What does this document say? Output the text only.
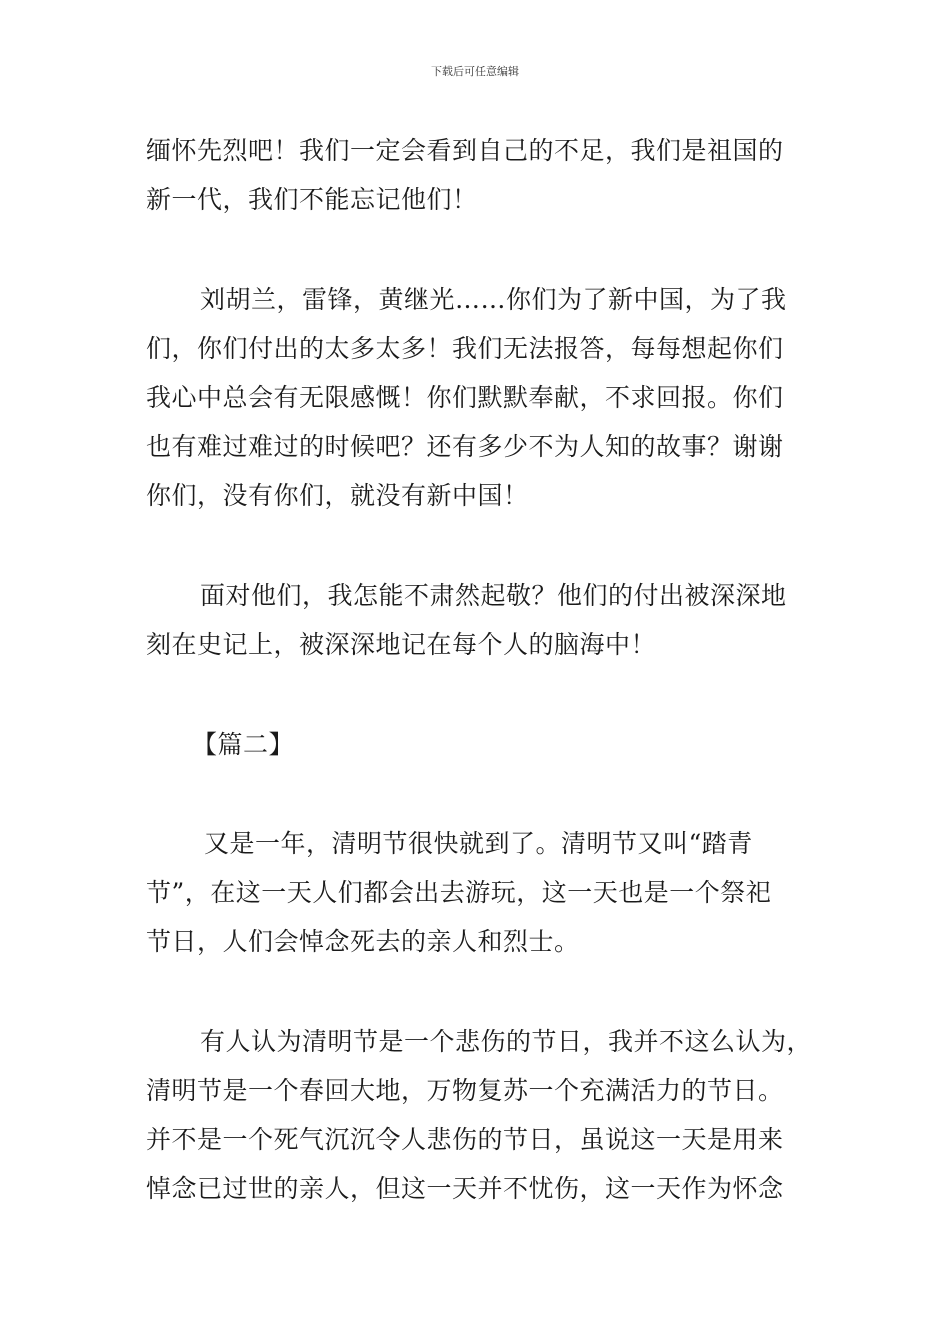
下载后可任意编辑
缅怀先烈吧！我们一定会看到自己的不足，我们是祖国的
新一代，我们不能忘记他们！
刘胡兰，雷锋，黄继光……你们为了新中国，为了我
们，你们付出的太多太多！我们无法报答，每每想起你们
我心中总会有无限感慨！你们默默奉献，不求回报。你们
也有难过难过的时候吧？还有多少不为人知的故事？谢谢
你们，没有你们，就没有新中国！
面对他们，我怎能不肃然起敬？他们的付出被深深地
刻在史记上，被深深地记在每个人的脑海中！
【篇二】
又是一年，清明节很快就到了。清明节又叫“踏青
节”，在这一天人们都会出去游玩，这一天也是一个祭祀
节日，人们会悼念死去的亲人和烈士。
有人认为清明节是一个悲伤的节日，我并不这么认为，
清明节是一个春回大地，万物复苏一个充满活力的节日。
并不是一个死气沉沉令人悲伤的节日，虽说这一天是用来
悼念已过世的亲人，但这一天并不忧伤，这一天作为怀念
